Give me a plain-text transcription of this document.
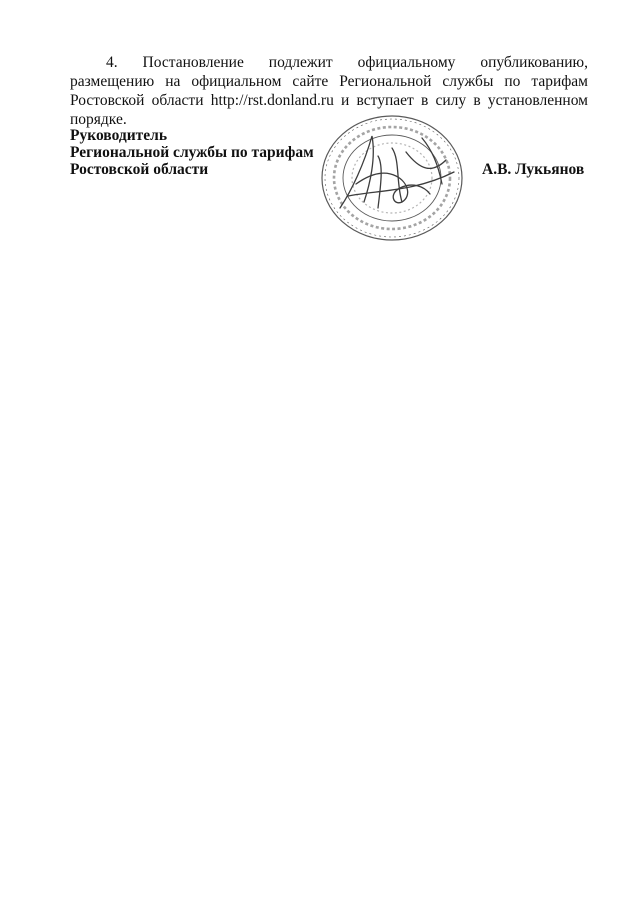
4. Постановление подлежит официальному опубликованию, размещению на официальном сайте Региональной службы по тарифам Ростовской области http://rst.donland.ru и вступает в силу в установленном порядке.

Руководитель
Региональной службы по тарифам
Ростовской области	А.В. Лукьянов
